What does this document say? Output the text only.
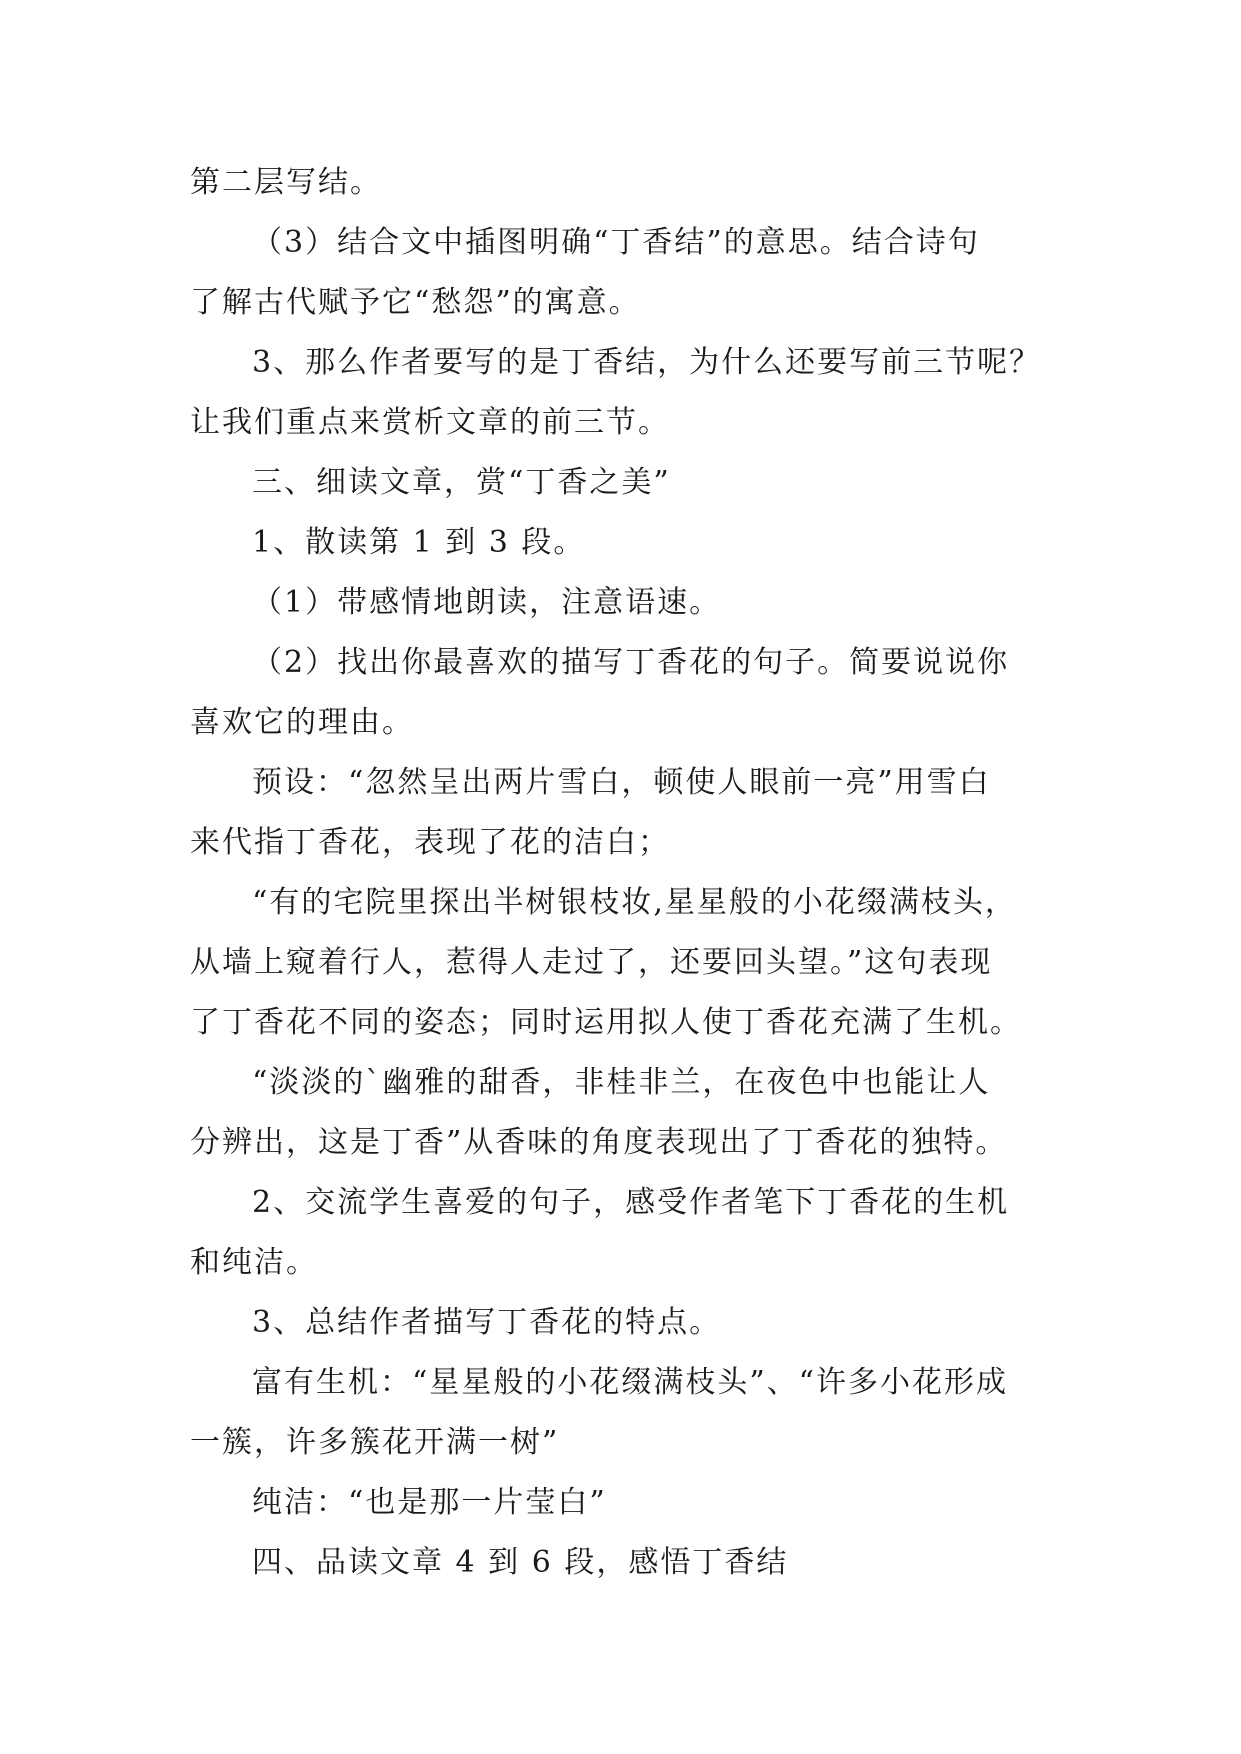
第二层写结。
（3）结合文中插图明确“丁香结”的意思。结合诗句
了解古代赋予它“愁怨”的寓意。
3、那么作者要写的是丁香结，为什么还要写前三节呢？
让我们重点来赏析文章的前三节。
三、细读文章，赏“丁香之美”
1、散读第 1 到 3 段。
（1）带感情地朗读，注意语速。
（2）找出你最喜欢的描写丁香花的句子。简要说说你
喜欢它的理由。
预设：“忽然呈出两片雪白，顿使人眼前一亮”用雪白
来代指丁香花，表现了花的洁白；
“有的宅院里探出半树银枝妆,星星般的小花缀满枝头，
从墙上窥着行人，惹得人走过了，还要回头望。”这句表现
了丁香花不同的姿态；同时运用拟人使丁香花充满了生机。
“淡淡的`幽雅的甜香，非桂非兰，在夜色中也能让人
分辨出，这是丁香”从香味的角度表现出了丁香花的独特。
2、交流学生喜爱的句子，感受作者笔下丁香花的生机
和纯洁。
3、总结作者描写丁香花的特点。
富有生机：“星星般的小花缀满枝头”、“许多小花形成
一簇，许多簇花开满一树”
纯洁：“也是那一片莹白”
四、品读文章 4 到 6 段，感悟丁香结
